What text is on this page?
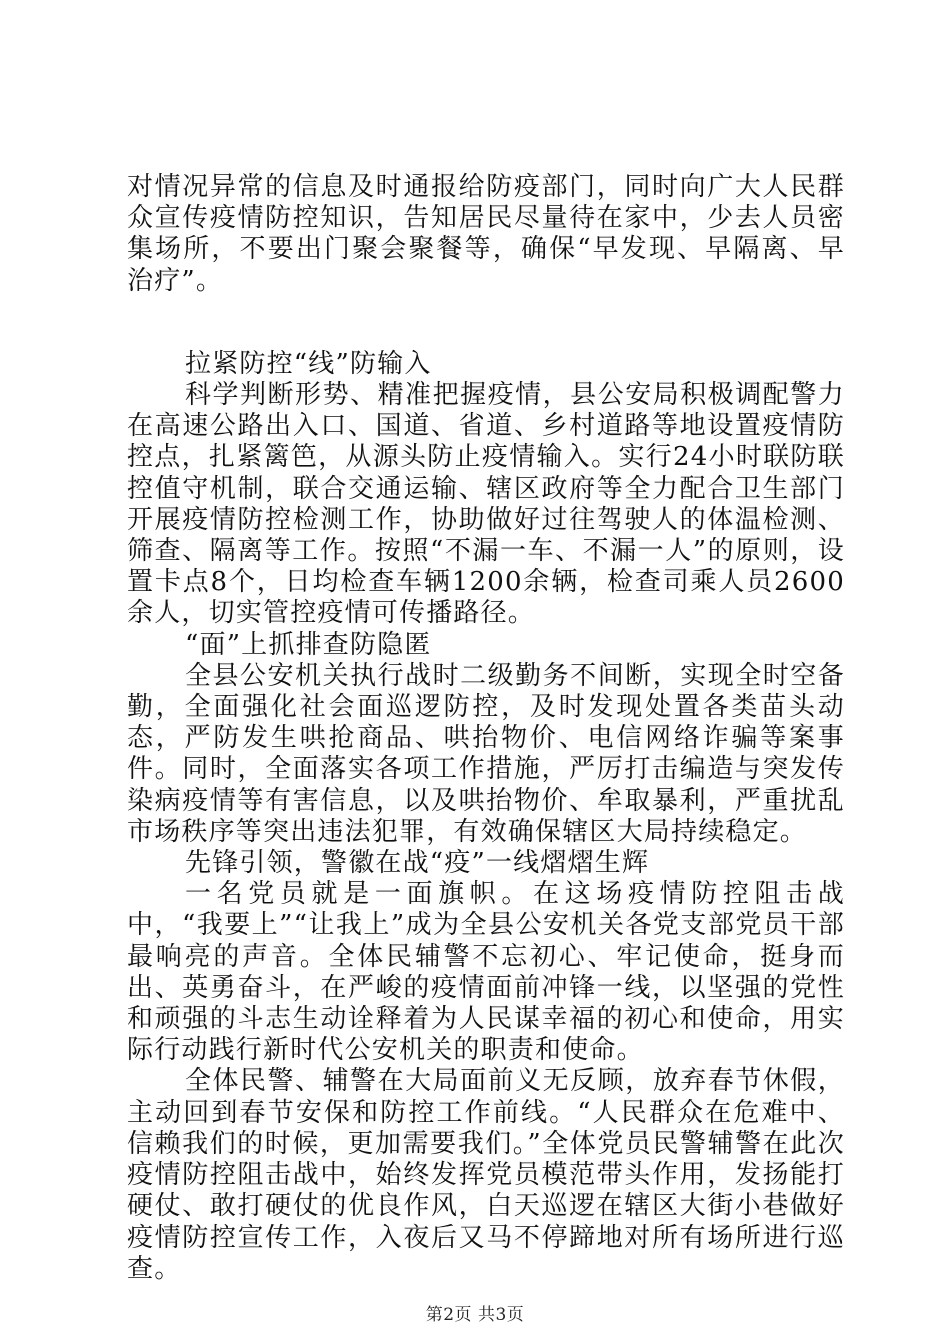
对情况异常的信息及时通报给防疫部门，同时向广大人民群众宣传疫情防控知识，告知居民尽量待在家中，少去人员密集场所，不要出门聚会聚餐等，确保“早发现、早隔离、早治疗”。

拉紧防控“线”防输入

科学判断形势、精准把握疫情，县公安局积极调配警力在高速公路出入口、国道、省道、乡村道路等地设置疫情防控点，扎紧篱笆，从源头防止疫情输入。实行24小时联防联控值守机制，联合交通运输、辖区政府等全力配合卫生部门开展疫情防控检测工作，协助做好过往驾驶人的体温检测、筛查、隔离等工作。按照“不漏一车、不漏一人”的原则，设置卡点8个，日均检查车辆1200余辆，检查司乘人员2600余人，切实管控疫情可传播路径。

“面”上抓排查防隐匿

全县公安机关执行战时二级勤务不间断，实现全时空备勤，全面强化社会面巡逻防控，及时发现处置各类苗头动态，严防发生哄抢商品、哄抬物价、电信网络诈骗等案事件。同时，全面落实各项工作措施，严厉打击编造与突发传染病疫情等有害信息，以及哄抬物价、牟取暴利，严重扰乱市场秩序等突出违法犯罪，有效确保辖区大局持续稳定。

先锋引领，警徽在战“疫”一线熠熠生辉

一名党员就是一面旗帜。在这场疫情防控阻击战中，“我要上”“让我上”成为全县公安机关各党支部党员干部最响亮的声音。全体民辅警不忘初心、牢记使命，挺身而出、英勇奋斗，在严峻的疫情面前冲锋一线，以坚强的党性和顽强的斗志生动诠释着为人民谋幸福的初心和使命，用实际行动践行新时代公安机关的职责和使命。

全体民警、辅警在大局面前义无反顾，放弃春节休假，主动回到春节安保和防控工作前线。“人民群众在危难中、信赖我们的时候，更加需要我们。”全体党员民警辅警在此次疫情防控阻击战中，始终发挥党员模范带头作用，发扬能打硬仗、敢打硬仗的优良作风，白天巡逻在辖区大街小巷做好疫情防控宣传工作，入夜后又马不停蹄地对所有场所进行巡查。

第2页 共3页
